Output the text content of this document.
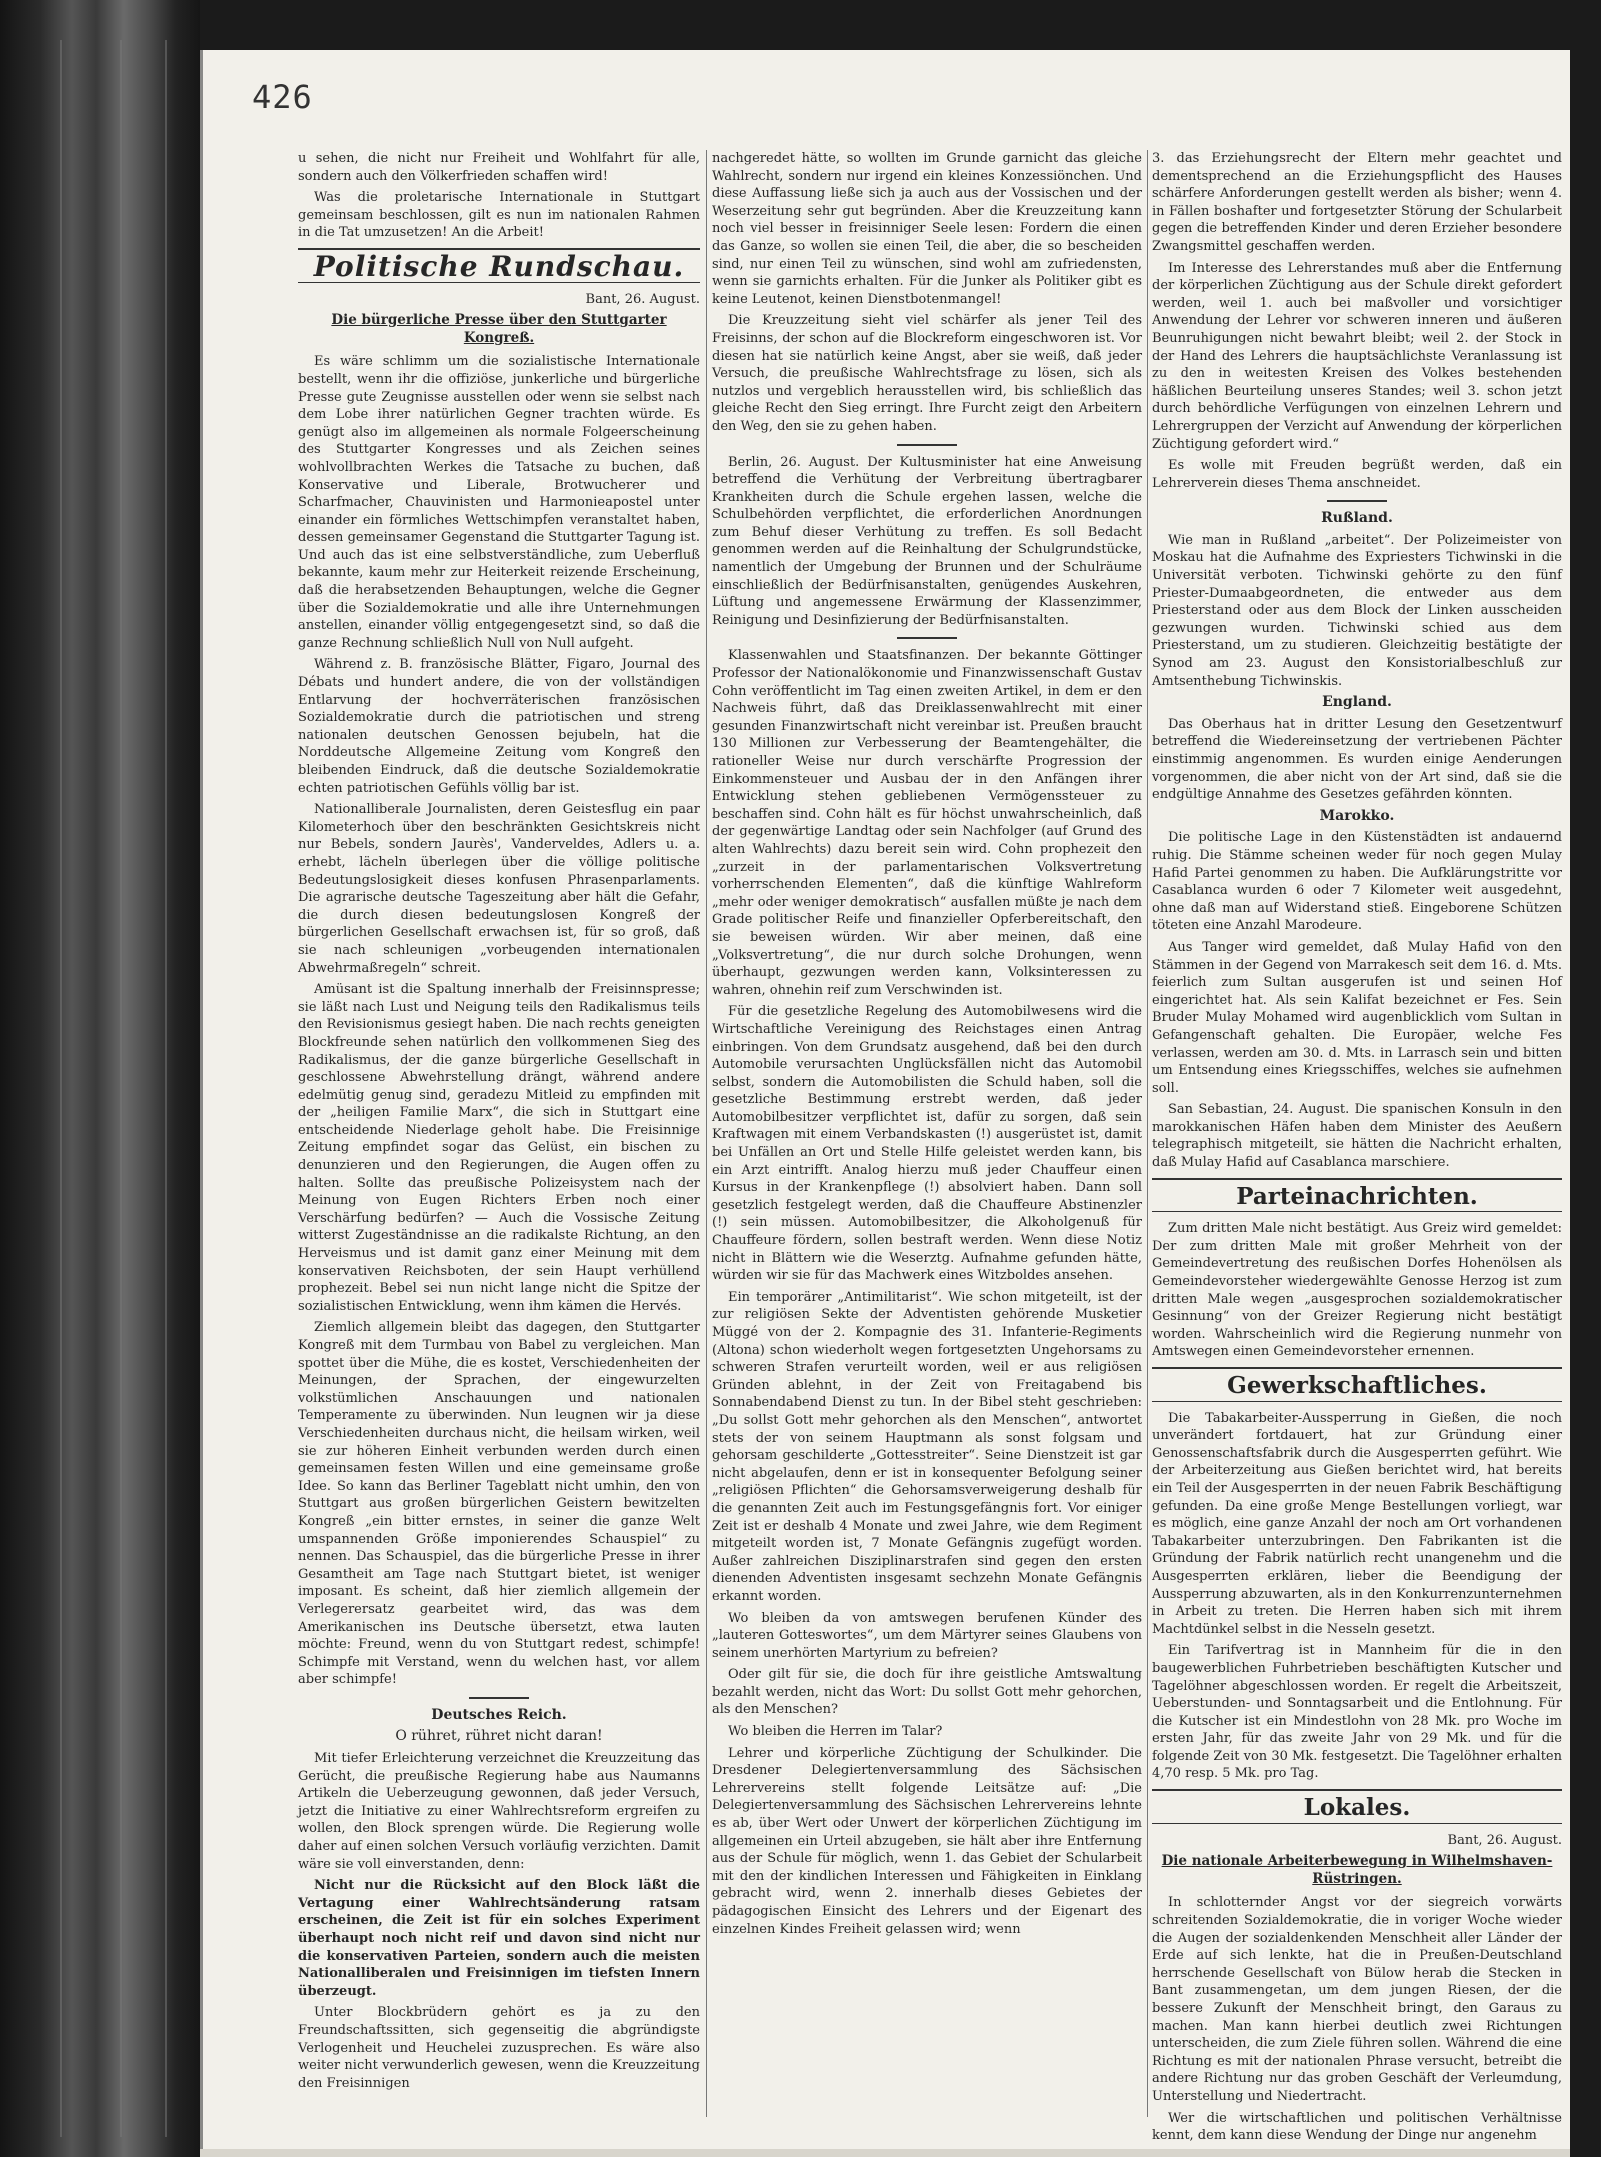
426

u sehen, die nicht nur Freiheit und Wohlfahrt für alle, sondern auch den Völkerfrieden schaffen wird!

Was die proletarische Internationale in Stuttgart gemeinsam beschlossen, gilt es nun im nationalen Rahmen in die Tat umzusetzen! An die Arbeit!

Politische Rundschau.

Bant, 26. August.

Die bürgerliche Presse über den Stuttgarter Kongreß.

Es wäre schlimm um die sozialistische Internationale bestellt, wenn ihr die offiziöse, junkerliche und bürgerliche Presse gute Zeugnisse ausstellen oder wenn sie selbst nach dem Lobe ihrer natürlichen Gegner trachten würde. Es genügt also im allgemeinen als normale Folgeerscheinung des Stuttgarter Kongresses und als Zeichen seines wohlvollbrachten Werkes die Tatsache zu buchen, daß Konservative und Liberale, Brotwucherer und Scharfmacher, Chauvinisten und Harmonieapostel unter einander ein förmliches Wettschimpfen veranstaltet haben, dessen gemeinsamer Gegenstand die Stuttgarter Tagung ist. Und auch das ist eine selbstverständliche, zum Ueberfluß bekannte, kaum mehr zur Heiterkeit reizende Erscheinung, daß die herabsetzenden Behauptungen, welche die Gegner über die Sozialdemokratie und alle ihre Unternehmungen anstellen, einander völlig entgegengesetzt sind, so daß die ganze Rechnung schließlich Null von Null aufgeht.

Während z. B. französische Blätter, Figaro, Journal des Débats und hundert andere, die von der vollständigen Entlarvung der hochverräterischen französischen Sozialdemokratie durch die patriotischen und streng nationalen deutschen Genossen bejubeln, hat die Norddeutsche Allgemeine Zeitung vom Kongreß den bleibenden Eindruck, daß die deutsche Sozialdemokratie echten patriotischen Gefühls völlig bar ist.

Nationalliberale Journalisten, deren Geistesflug ein paar Kilometerhoch über den beschränkten Gesichtskreis nicht nur Bebels, sondern Jaurès', Vanderveldes, Adlers u. a. erhebt, lächeln überlegen über die völlige politische Bedeutungslosigkeit dieses konfusen Phrasenparlaments. Die agrarische deutsche Tageszeitung aber hält die Gefahr, die durch diesen bedeutungslosen Kongreß der bürgerlichen Gesellschaft erwachsen ist, für so groß, daß sie nach schleunigen „vorbeugenden internationalen Abwehrmaßregeln“ schreit.

Amüsant ist die Spaltung innerhalb der Freisinnspresse; sie läßt nach Lust und Neigung teils den Radikalismus teils den Revisionismus gesiegt haben. Die nach rechts geneigten Blockfreunde sehen natürlich den vollkommenen Sieg des Radikalismus, der die ganze bürgerliche Gesellschaft in geschlossene Abwehrstellung drängt, während andere edelmütig genug sind, geradezu Mitleid zu empfinden mit der „heiligen Familie Marx“, die sich in Stuttgart eine entscheidende Niederlage geholt habe. Die Freisinnige Zeitung empfindet sogar das Gelüst, ein bischen zu denunzieren und den Regierungen, die Augen offen zu halten. Sollte das preußische Polizeisystem nach der Meinung von Eugen Richters Erben noch einer Verschärfung bedürfen? — Auch die Vossische Zeitung witterst Zugeständnisse an die radikalste Richtung, an den Herveismus und ist damit ganz einer Meinung mit dem konservativen Reichsboten, der sein Haupt verhüllend prophezeit. Bebel sei nun nicht lange nicht die Spitze der sozialistischen Entwicklung, wenn ihm kämen die Hervés.

Ziemlich allgemein bleibt das dagegen, den Stuttgarter Kongreß mit dem Turmbau von Babel zu vergleichen. Man spottet über die Mühe, die es kostet, Verschiedenheiten der Meinungen, der Sprachen, der eingewurzelten volkstümlichen Anschauungen und nationalen Temperamente zu überwinden. Nun leugnen wir ja diese Verschiedenheiten durchaus nicht, die heilsam wirken, weil sie zur höheren Einheit verbunden werden durch einen gemeinsamen festen Willen und eine gemeinsame große Idee. So kann das Berliner Tageblatt nicht umhin, den von Stuttgart aus großen bürgerlichen Geistern bewitzelten Kongreß „ein bitter ernstes, in seiner die ganze Welt umspannenden Größe imponierendes Schauspiel“ zu nennen. Das Schauspiel, das die bürgerliche Presse in ihrer Gesamtheit am Tage nach Stuttgart bietet, ist weniger imposant. Es scheint, daß hier ziemlich allgemein der Verlegerersatz gearbeitet wird, das was dem Amerikanischen ins Deutsche übersetzt, etwa lauten möchte: Freund, wenn du von Stuttgart redest, schimpfe! Schimpfe mit Verstand, wenn du welchen hast, vor allem aber schimpfe!

Deutsches Reich.
O rühret, rühret nicht daran!

Mit tiefer Erleichterung verzeichnet die Kreuzzeitung das Gerücht, die preußische Regierung habe aus Naumanns Artikeln die Ueberzeugung gewonnen, daß jeder Versuch, jetzt die Initiative zu einer Wahlrechtsreform ergreifen zu wollen, den Block sprengen würde. Die Regierung wolle daher auf einen solchen Versuch vorläufig verzichten. Damit wäre sie voll einverstanden, denn:

Nicht nur die Rücksicht auf den Block läßt die Vertagung einer Wahlrechtsänderung ratsam erscheinen, die Zeit ist für ein solches Experiment überhaupt noch nicht reif und davon sind nicht nur die konservativen Parteien, sondern auch die meisten Nationalliberalen und Freisinnigen im tiefsten Innern überzeugt.

Unter Blockbrüdern gehört es ja zu den Freundschaftssitten, sich gegenseitig die abgründigste Verlogenheit und Heuchelei zuzusprechen. Es wäre also weiter nicht verwunderlich gewesen, wenn die Kreuzzeitung den Freisinnigen

nachgeredet hätte, so wollten im Grunde garnicht das gleiche Wahlrecht, sondern nur irgend ein kleines Konzessiönchen. Und diese Auffassung ließe sich ja auch aus der Vossischen und der Weserzeitung sehr gut begründen. Aber die Kreuzzeitung kann noch viel besser in freisinniger Seele lesen: Fordern die einen das Ganze, so wollen sie einen Teil, die aber, die so bescheiden sind, nur einen Teil zu wünschen, sind wohl am zufriedensten, wenn sie garnichts erhalten. Für die Junker als Politiker gibt es keine Leutenot, keinen Dienstbotenmangel!

Die Kreuzzeitung sieht viel schärfer als jener Teil des Freisinns, der schon auf die Blockreform eingeschworen ist. Vor diesen hat sie natürlich keine Angst, aber sie weiß, daß jeder Versuch, die preußische Wahlrechtsfrage zu lösen, sich als nutzlos und vergeblich herausstellen wird, bis schließlich das gleiche Recht den Sieg erringt. Ihre Furcht zeigt den Arbeitern den Weg, den sie zu gehen haben.

Berlin, 26. August. Der Kultusminister hat eine Anweisung betreffend die Verhütung der Verbreitung übertragbarer Krankheiten durch die Schule ergehen lassen, welche die Schulbehörden verpflichtet, die erforderlichen Anordnungen zum Behuf dieser Verhütung zu treffen. Es soll Bedacht genommen werden auf die Reinhaltung der Schulgrundstücke, namentlich der Umgebung der Brunnen und der Schulräume einschließlich der Bedürfnisanstalten, genügendes Auskehren, Lüftung und angemessene Erwärmung der Klassenzimmer, Reinigung und Desinfizierung der Bedürfnisanstalten.

Klassenwahlen und Staatsfinanzen. Der bekannte Göttinger Professor der Nationalökonomie und Finanzwissenschaft Gustav Cohn veröffentlicht im Tag einen zweiten Artikel, in dem er den Nachweis führt, daß das Dreiklassenwahlrecht mit einer gesunden Finanzwirtschaft nicht vereinbar ist. Preußen braucht 130 Millionen zur Verbesserung der Beamtengehälter, die rationeller Weise nur durch verschärfte Progression der Einkommensteuer und Ausbau der in den Anfängen ihrer Entwicklung stehen gebliebenen Vermögenssteuer zu beschaffen sind. Cohn hält es für höchst unwahrscheinlich, daß der gegenwärtige Landtag oder sein Nachfolger (auf Grund des alten Wahlrechts) dazu bereit sein wird. Cohn prophezeit den „zurzeit in der parlamentarischen Volksvertretung vorherrschenden Elementen“, daß die künftige Wahlreform „mehr oder weniger demokratisch“ ausfallen müßte je nach dem Grade politischer Reife und finanzieller Opferbereitschaft, den sie beweisen würden. Wir aber meinen, daß eine „Volksvertretung“, die nur durch solche Drohungen, wenn überhaupt, gezwungen werden kann, Volksinteressen zu wahren, ohnehin reif zum Verschwinden ist.

Für die gesetzliche Regelung des Automobilwesens wird die Wirtschaftliche Vereinigung des Reichstages einen Antrag einbringen. Von dem Grundsatz ausgehend, daß bei den durch Automobile verursachten Unglücksfällen nicht das Automobil selbst, sondern die Automobilisten die Schuld haben, soll die gesetzliche Bestimmung erstrebt werden, daß jeder Automobilbesitzer verpflichtet ist, dafür zu sorgen, daß sein Kraftwagen mit einem Verbandskasten (!) ausgerüstet ist, damit bei Unfällen an Ort und Stelle Hilfe geleistet werden kann, bis ein Arzt eintrifft. Analog hierzu muß jeder Chauffeur einen Kursus in der Krankenpflege (!) absolviert haben. Dann soll gesetzlich festgelegt werden, daß die Chauffeure Abstinenzler (!) sein müssen. Automobilbesitzer, die Alkoholgenuß für Chauffeure fördern, sollen bestraft werden. Wenn diese Notiz nicht in Blättern wie die Weserztg. Aufnahme gefunden hätte, würden wir sie für das Machwerk eines Witzboldes ansehen.

Ein temporärer „Antimilitarist“. Wie schon mitgeteilt, ist der zur religiösen Sekte der Adventisten gehörende Musketier Müggé von der 2. Kompagnie des 31. Infanterie-Regiments (Altona) schon wiederholt wegen fortgesetzten Ungehorsams zu schweren Strafen verurteilt worden, weil er aus religiösen Gründen ablehnt, in der Zeit von Freitagabend bis Sonnabendabend Dienst zu tun. In der Bibel steht geschrieben: „Du sollst Gott mehr gehorchen als den Menschen“, antwortet stets der von seinem Hauptmann als sonst folgsam und gehorsam geschilderte „Gottesstreiter“. Seine Dienstzeit ist gar nicht abgelaufen, denn er ist in konsequenter Befolgung seiner „religiösen Pflichten“ die Gehorsamsverweigerung deshalb für die genannten Zeit auch im Festungsgefängnis fort. Vor einiger Zeit ist er deshalb 4 Monate und zwei Jahre, wie dem Regiment mitgeteilt worden ist, 7 Monate Gefängnis zugefügt worden. Außer zahlreichen Disziplinarstrafen sind gegen den ersten dienenden Adventisten insgesamt sechzehn Monate Gefängnis erkannt worden.

Wo bleiben da von amtswegen berufenen Künder des „lauteren Gotteswortes“, um dem Märtyrer seines Glaubens von seinem unerhörten Martyrium zu befreien?

Oder gilt für sie, die doch für ihre geistliche Amtswaltung bezahlt werden, nicht das Wort: Du sollst Gott mehr gehorchen, als den Menschen?

Wo bleiben die Herren im Talar?

Lehrer und körperliche Züchtigung der Schulkinder. Die Dresdener Delegiertenversammlung des Sächsischen Lehrervereins stellt folgende Leitsätze auf: „Die Delegiertenversammlung des Sächsischen Lehrervereins lehnte es ab, über Wert oder Unwert der körperlichen Züchtigung im allgemeinen ein Urteil abzugeben, sie hält aber ihre Entfernung aus der Schule für möglich, wenn 1. das Gebiet der Schularbeit mit den der kindlichen Interessen und Fähigkeiten in Einklang gebracht wird, wenn 2. innerhalb dieses Gebietes der pädagogischen Einsicht des Lehrers und der Eigenart des einzelnen Kindes Freiheit gelassen wird; wenn

3. das Erziehungsrecht der Eltern mehr geachtet und dementsprechend an die Erziehungspflicht des Hauses schärfere Anforderungen gestellt werden als bisher; wenn 4. in Fällen boshafter und fortgesetzter Störung der Schularbeit gegen die betreffenden Kinder und deren Erzieher besondere Zwangsmittel geschaffen werden.

Im Interesse des Lehrerstandes muß aber die Entfernung der körperlichen Züchtigung aus der Schule direkt gefordert werden, weil 1. auch bei maßvoller und vorsichtiger Anwendung der Lehrer vor schweren inneren und äußeren Beunruhigungen nicht bewahrt bleibt; weil 2. der Stock in der Hand des Lehrers die hauptsächlichste Veranlassung ist zu den in weitesten Kreisen des Volkes bestehenden häßlichen Beurteilung unseres Standes; weil 3. schon jetzt durch behördliche Verfügungen von einzelnen Lehrern und Lehrergruppen der Verzicht auf Anwendung der körperlichen Züchtigung gefordert wird.“

Es wolle mit Freuden begrüßt werden, daß ein Lehrerverein dieses Thema anschneidet.

Rußland.

Wie man in Rußland „arbeitet“. Der Polizeimeister von Moskau hat die Aufnahme des Expriesters Tichwinski in die Universität verboten. Tichwinski gehörte zu den fünf Priester-Dumaabgeordneten, die entweder aus dem Priesterstand oder aus dem Block der Linken ausscheiden gezwungen wurden. Tichwinski schied aus dem Priesterstand, um zu studieren. Gleichzeitig bestätigte der Synod am 23. August den Konsistorialbeschluß zur Amtsenthebung Tichwinskis.

England.

Das Oberhaus hat in dritter Lesung den Gesetzentwurf betreffend die Wiedereinsetzung der vertriebenen Pächter einstimmig angenommen. Es wurden einige Aenderungen vorgenommen, die aber nicht von der Art sind, daß sie die endgültige Annahme des Gesetzes gefährden könnten.

Marokko.

Die politische Lage in den Küstenstädten ist andauernd ruhig. Die Stämme scheinen weder für noch gegen Mulay Hafid Partei genommen zu haben. Die Aufklärungstritte vor Casablanca wurden 6 oder 7 Kilometer weit ausgedehnt, ohne daß man auf Widerstand stieß. Eingeborene Schützen töteten eine Anzahl Marodeure.

Aus Tanger wird gemeldet, daß Mulay Hafid von den Stämmen in der Gegend von Marrakesch seit dem 16. d. Mts. feierlich zum Sultan ausgerufen ist und seinen Hof eingerichtet hat. Als sein Kalifat bezeichnet er Fes. Sein Bruder Mulay Mohamed wird augenblicklich vom Sultan in Gefangenschaft gehalten. Die Europäer, welche Fes verlassen, werden am 30. d. Mts. in Larrasch sein und bitten um Entsendung eines Kriegsschiffes, welches sie aufnehmen soll.

San Sebastian, 24. August. Die spanischen Konsuln in den marokkanischen Häfen haben dem Minister des Aeußern telegraphisch mitgeteilt, sie hätten die Nachricht erhalten, daß Mulay Hafid auf Casablanca marschiere.

Parteinachrichten.

Zum dritten Male nicht bestätigt. Aus Greiz wird gemeldet: Der zum dritten Male mit großer Mehrheit von der Gemeindevertretung des reußischen Dorfes Hohenölsen als Gemeindevorsteher wiedergewählte Genosse Herzog ist zum dritten Male wegen „ausgesprochen sozialdemokratischer Gesinnung“ von der Greizer Regierung nicht bestätigt worden. Wahrscheinlich wird die Regierung nunmehr von Amtswegen einen Gemeindevorsteher ernennen.

Gewerkschaftliches.

Die Tabakarbeiter-Aussperrung in Gießen, die noch unverändert fortdauert, hat zur Gründung einer Genossenschaftsfabrik durch die Ausgesperrten geführt. Wie der Arbeiterzeitung aus Gießen berichtet wird, hat bereits ein Teil der Ausgesperrten in der neuen Fabrik Beschäftigung gefunden. Da eine große Menge Bestellungen vorliegt, war es möglich, eine ganze Anzahl der noch am Ort vorhandenen Tabakarbeiter unterzubringen. Den Fabrikanten ist die Gründung der Fabrik natürlich recht unangenehm und die Ausgesperrten erklären, lieber die Beendigung der Aussperrung abzuwarten, als in den Konkurrenzunternehmen in Arbeit zu treten. Die Herren haben sich mit ihrem Machtdünkel selbst in die Nesseln gesetzt.

Ein Tarifvertrag ist in Mannheim für die in den baugewerblichen Fuhrbetrieben beschäftigten Kutscher und Tagelöhner abgeschlossen worden. Er regelt die Arbeitszeit, Ueberstunden- und Sonntagsarbeit und die Entlohnung. Für die Kutscher ist ein Mindestlohn von 28 Mk. pro Woche im ersten Jahr, für das zweite Jahr von 29 Mk. und für die folgende Zeit von 30 Mk. festgesetzt. Die Tagelöhner erhalten 4,70 resp. 5 Mk. pro Tag.

Lokales.

Bant, 26. August.

Die nationale Arbeiterbewegung in Wilhelmshaven-Rüstringen.

In schlotternder Angst vor der siegreich vorwärts schreitenden Sozialdemokratie, die in voriger Woche wieder die Augen der sozialdenkenden Menschheit aller Länder der Erde auf sich lenkte, hat die in Preußen-Deutschland herrschende Gesellschaft von Bülow herab die Stecken in Bant zusammengetan, um dem jungen Riesen, der die bessere Zukunft der Menschheit bringt, den Garaus zu machen. Man kann hierbei deutlich zwei Richtungen unterscheiden, die zum Ziele führen sollen. Während die eine Richtung es mit der nationalen Phrase versucht, betreibt die andere Richtung nur das groben Geschäft der Verleumdung, Unterstellung und Niedertracht.

Wer die wirtschaftlichen und politischen Verhältnisse kennt, dem kann diese Wendung der Dinge nur angenehm
